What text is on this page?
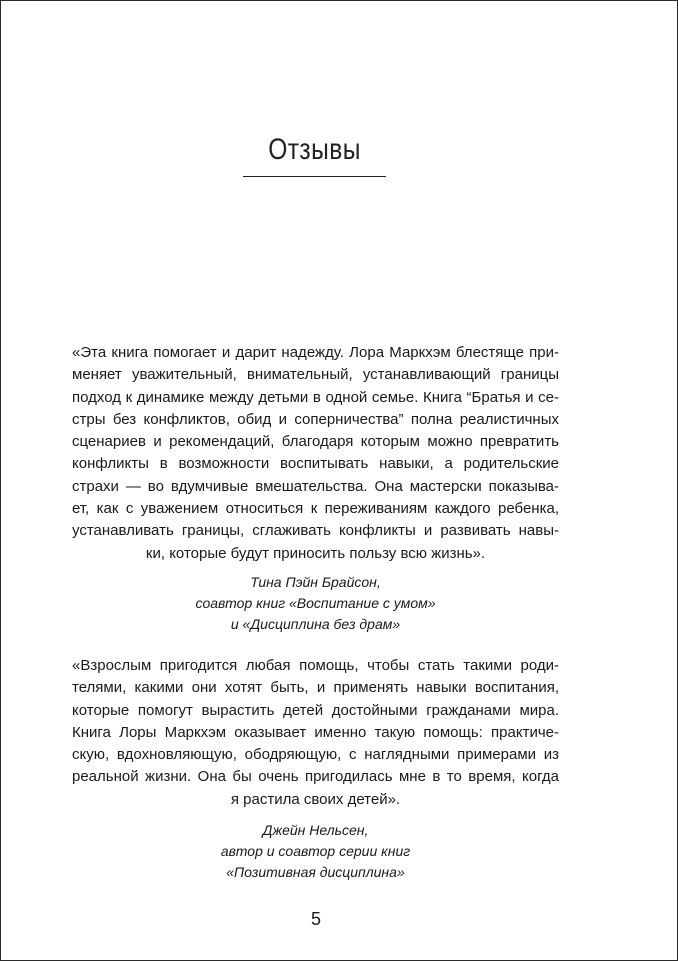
Отзывы
«Эта книга помогает и дарит надежду. Лора Маркхэм блестяще при-
меняет уважительный, внимательный, устанавливающий границы
подход к динамике между детьми в одной семье. Книга “Братья и се-
стры без конфликтов, обид и соперничества” полна реалистичных
сценариев и рекомендаций, благодаря которым можно превратить
конфликты в возможности воспитывать навыки, а родительские
страхи — во вдумчивые вмешательства. Она мастерски показыва-
ет, как с уважением относиться к переживаниям каждого ребенка,
устанавливать границы, сглаживать конфликты и развивать навы-
ки, которые будут приносить пользу всю жизнь».
Тина Пэйн Брайсон,
соавтор книг «Воспитание с умом»
и «Дисциплина без драм»
«Взрослым пригодится любая помощь, чтобы стать такими роди-
телями, какими они хотят быть, и применять навыки воспитания,
которые помогут вырастить детей достойными гражданами мира.
Книга Лоры Маркхэм оказывает именно такую помощь: практиче-
скую, вдохновляющую, ободряющую, с наглядными примерами из
реальной жизни. Она бы очень пригодилась мне в то время, когда
я растила своих детей».
Джейн Нельсен,
автор и соавтор серии книг
«Позитивная дисциплина»
5
